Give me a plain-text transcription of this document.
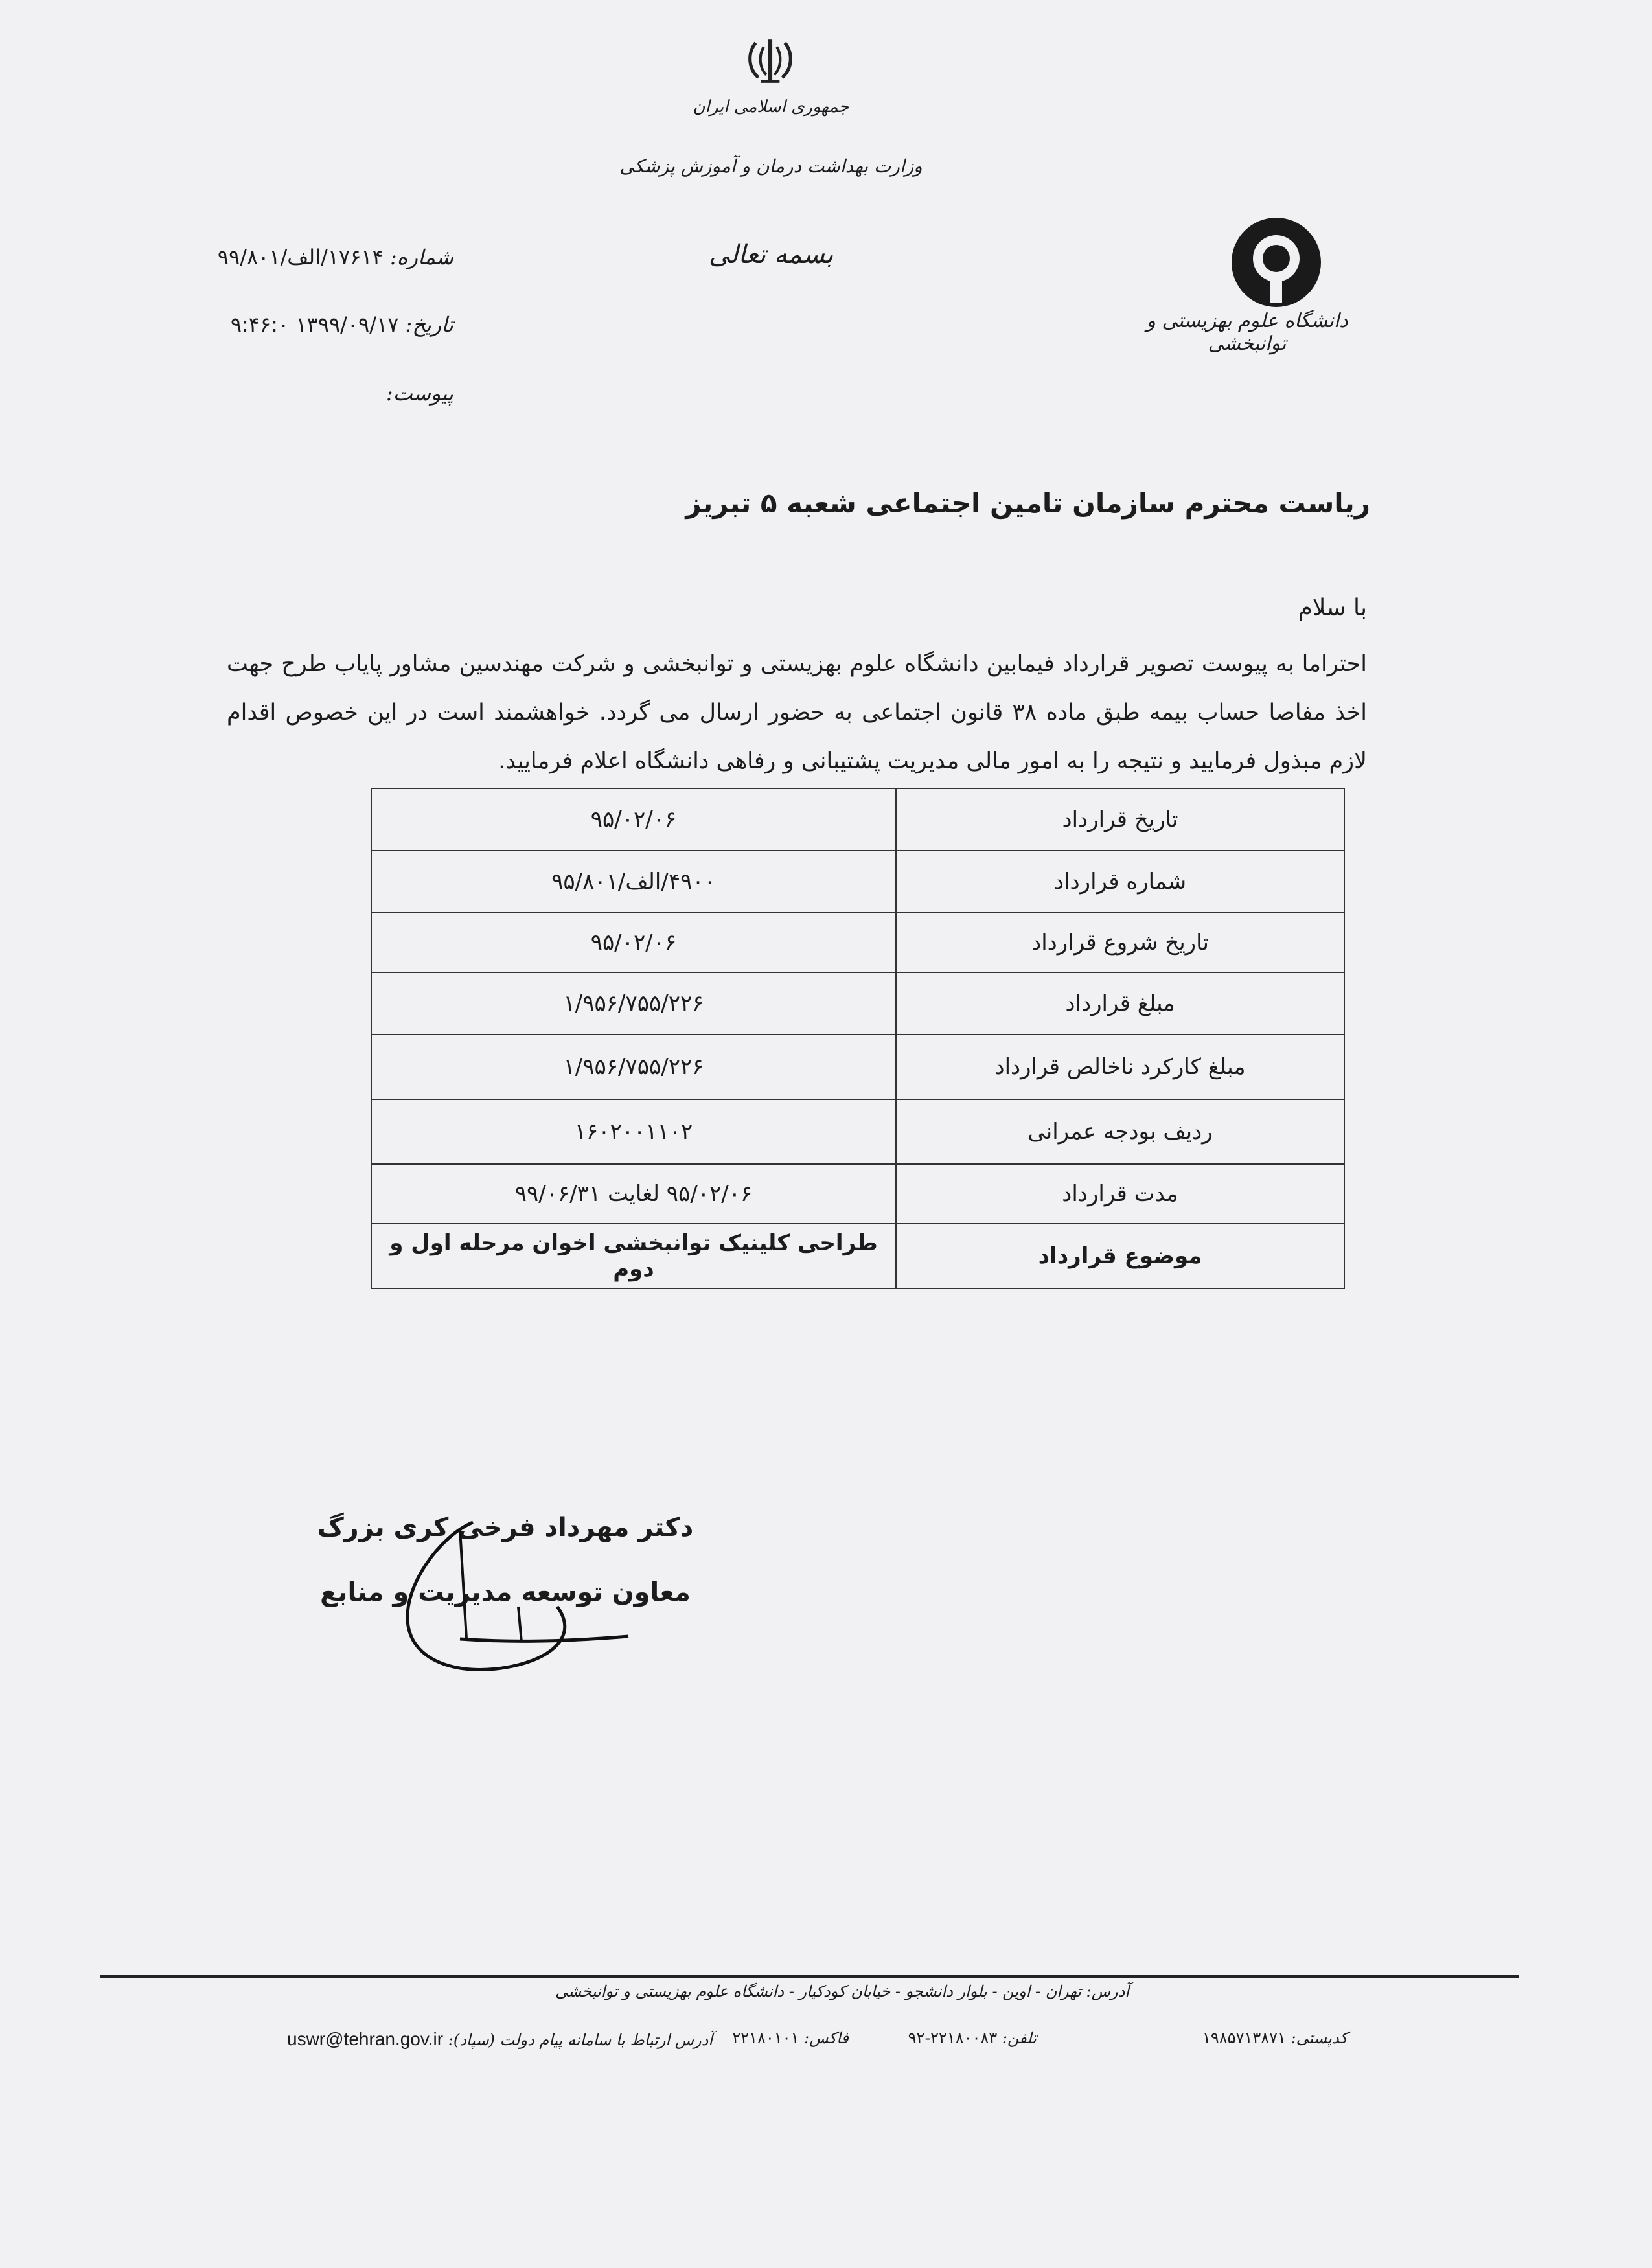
جمهوری اسلامی ایران
وزارت بهداشت درمان و آموزش پزشکی
بسمه تعالی
دانشگاه علوم بهزیستی و توانبخشی
شماره: ۱۷۶۱۴/الف/۹۹/۸۰۱
تاریخ: ۱۳۹۹/۰۹/۱۷ ۹:۴۶:۰
پیوست:
ریاست محترم سازمان تامین اجتماعی شعبه ۵ تبریز
با سلام
احتراما به پیوست تصویر قرارداد فیمابین دانشگاه علوم بهزیستی و توانبخشی و شرکت مهندسین مشاور پایاب طرح جهت اخذ مفاصا حساب بیمه طبق ماده ۳۸ قانون اجتماعی به حضور ارسال می گردد. خواهشمند است در این خصوص اقدام لازم مبذول فرمایید و نتیجه را به امور مالی مدیریت پشتیبانی و رفاهی دانشگاه اعلام فرمایید.
تاریخ قرارداد	۹۵/۰۲/۰۶
شماره قرارداد	۴۹۰۰/الف/۹۵/۸۰۱
تاریخ شروع قرارداد	۹۵/۰۲/۰۶
مبلغ قرارداد	۱/۹۵۶/۷۵۵/۲۲۶
مبلغ کارکرد ناخالص قرارداد	۱/۹۵۶/۷۵۵/۲۲۶
ردیف بودجه عمرانی	۱۶۰۲۰۰۱۱۰۲
مدت قرارداد	۹۵/۰۲/۰۶ لغایت ۹۹/۰۶/۳۱
موضوع قرارداد	طراحی کلینیک توانبخشی اخوان مرحله اول و دوم
دکتر مهرداد فرخی کری بزرگ
معاون توسعه مدیریت و منابع
آدرس: تهران - اوین - بلوار دانشجو - خیابان کودکیار - دانشگاه علوم بهزیستی و توانبخشی
کدپستی: ۱۹۸۵۷۱۳۸۷۱
تلفن: ۲۲۱۸۰۰۸۳-۹۲
فاکس: ۲۲۱۸۰۱۰۱
آدرس ارتباط با سامانه پیام دولت (سپاد): uswr@tehran.gov.ir
